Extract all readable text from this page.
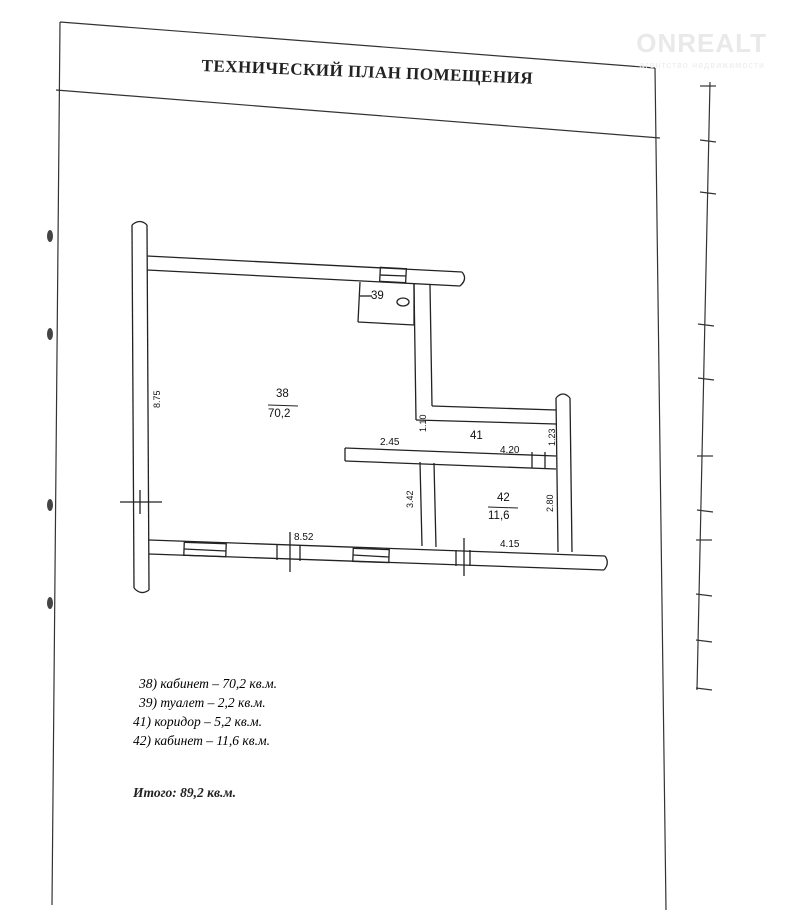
8.75
1.10
1.23
3.42	2.80
ONREALT
агентство недвижимости
ТЕХНИЧЕСКИЙ ПЛАН ПОМЕЩЕНИЯ
38
70,2
39
41
42
11,6
2.45
4.20
8.52
4.15
38) кабинет – 70,2 кв.м.
39) туалет – 2,2 кв.м.
41) коридор – 5,2 кв.м.
42) кабинет – 11,6 кв.м.
Итого: 89,2 кв.м.
